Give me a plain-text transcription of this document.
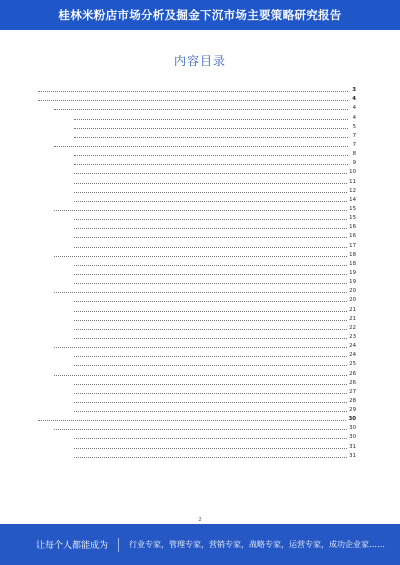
桂林米粉店市场分析及掘金下沉市场主要策略研究报告
内容目录
3
4
4
4
5
7
7
8
9
10
11
12
14
15
15
16
16
17
18
18
19
19
20
20
21
21
22
23
24
24
25
26
26
27
28
29
30
30
30
31
31
2
让每个人都能成为	行业专家，管理专家，营销专家，战略专家，运营专家，成功企业家……
